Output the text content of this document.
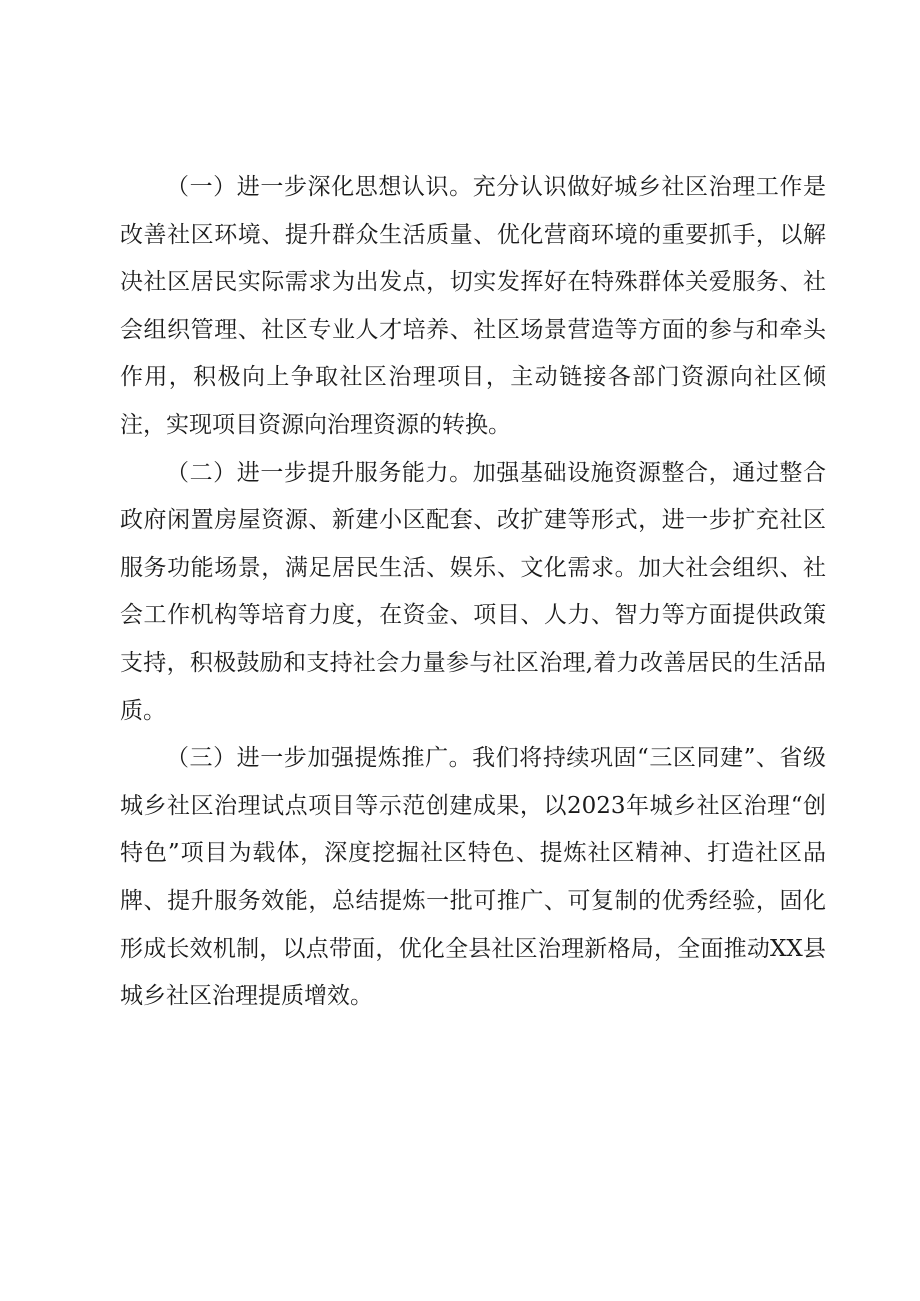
（一）进一步深化思想认识。充分认识做好城乡社区治理工作是改善社区环境、提升群众生活质量、优化营商环境的重要抓手，以解决社区居民实际需求为出发点，切实发挥好在特殊群体关爱服务、社会组织管理、社区专业人才培养、社区场景营造等方面的参与和牵头作用，积极向上争取社区治理项目，主动链接各部门资源向社区倾注，实现项目资源向治理资源的转换。

（二）进一步提升服务能力。加强基础设施资源整合，通过整合政府闲置房屋资源、新建小区配套、改扩建等形式，进一步扩充社区服务功能场景，满足居民生活、娱乐、文化需求。加大社会组织、社会工作机构等培育力度，在资金、项目、人力、智力等方面提供政策支持，积极鼓励和支持社会力量参与社区治理,着力改善居民的生活品质。

（三）进一步加强提炼推广。我们将持续巩固“三区同建”、省级城乡社区治理试点项目等示范创建成果，以2023年城乡社区治理“创特色”项目为载体，深度挖掘社区特色、提炼社区精神、打造社区品牌、提升服务效能，总结提炼一批可推广、可复制的优秀经验，固化形成长效机制，以点带面，优化全县社区治理新格局，全面推动XX县城乡社区治理提质增效。
